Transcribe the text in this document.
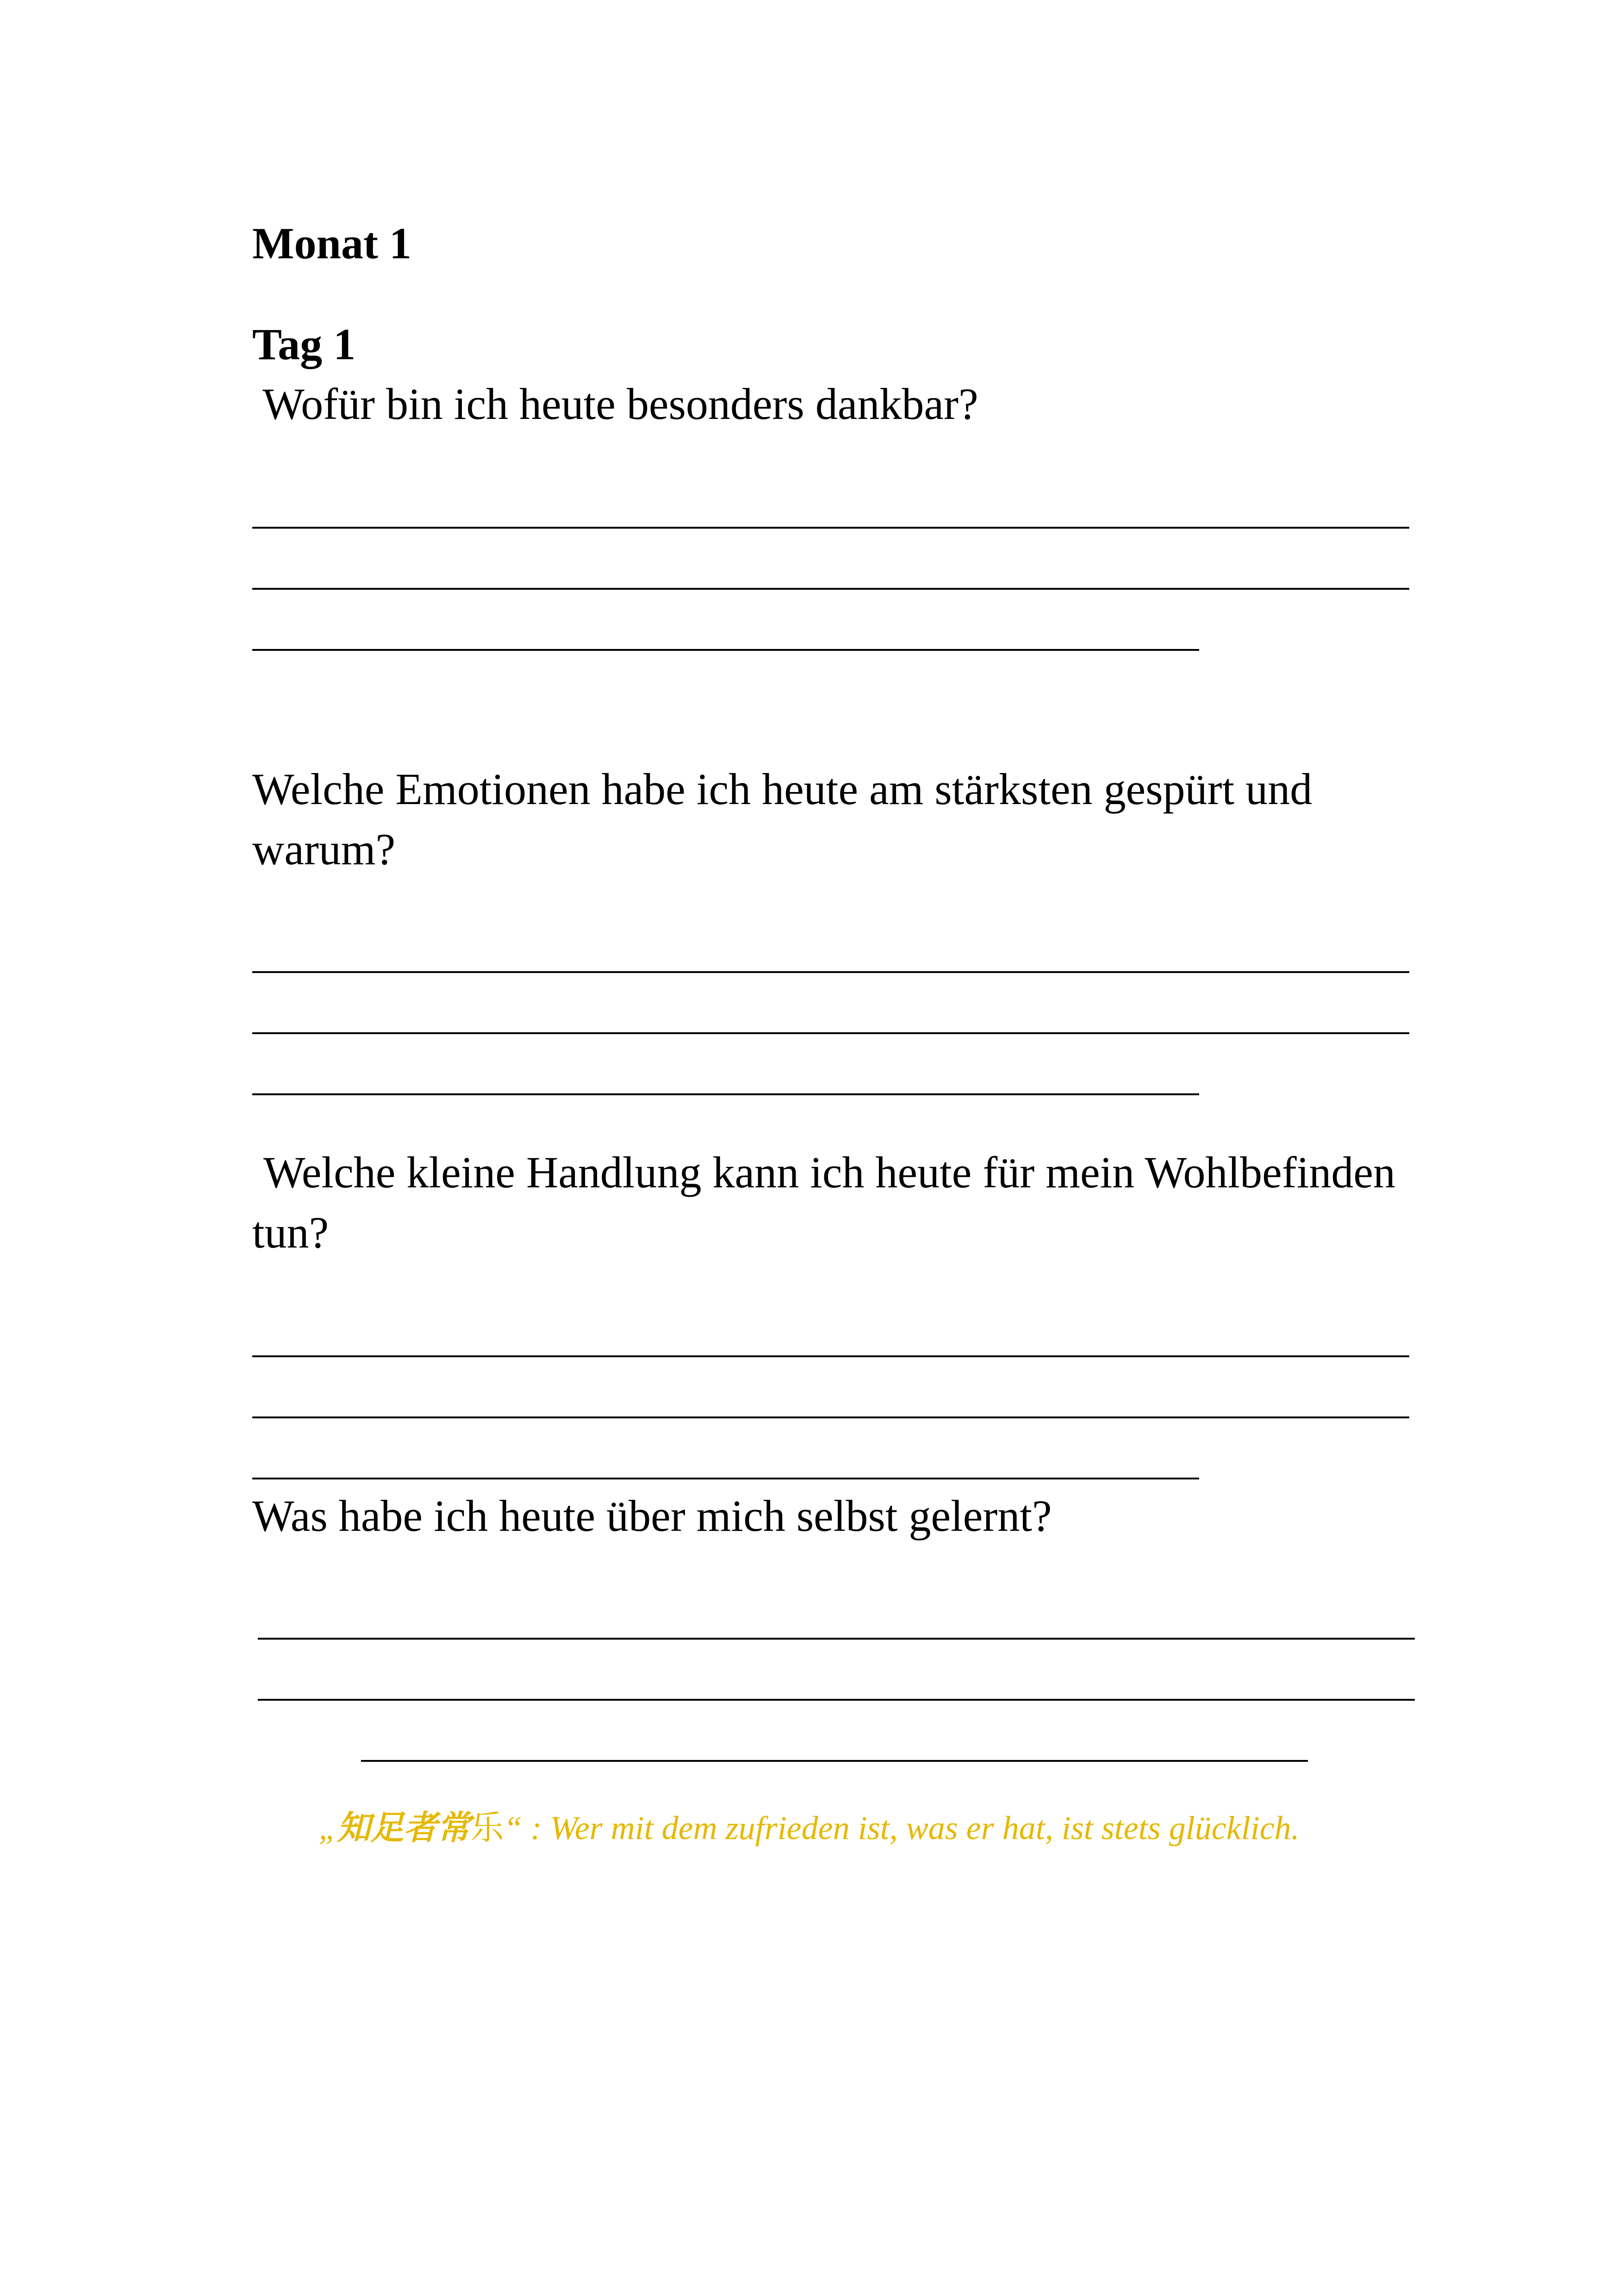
Monat 1
Tag 1
Wofür bin ich heute besonders dankbar?
Welche Emotionen habe ich heute am stärksten gespürt und warum?
Welche kleine Handlung kann ich heute für mein Wohlbefinden tun?
Was habe ich heute über mich selbst gelernt?
„知足者常乐“ : Wer mit dem zufrieden ist, was er hat, ist stets glücklich.
